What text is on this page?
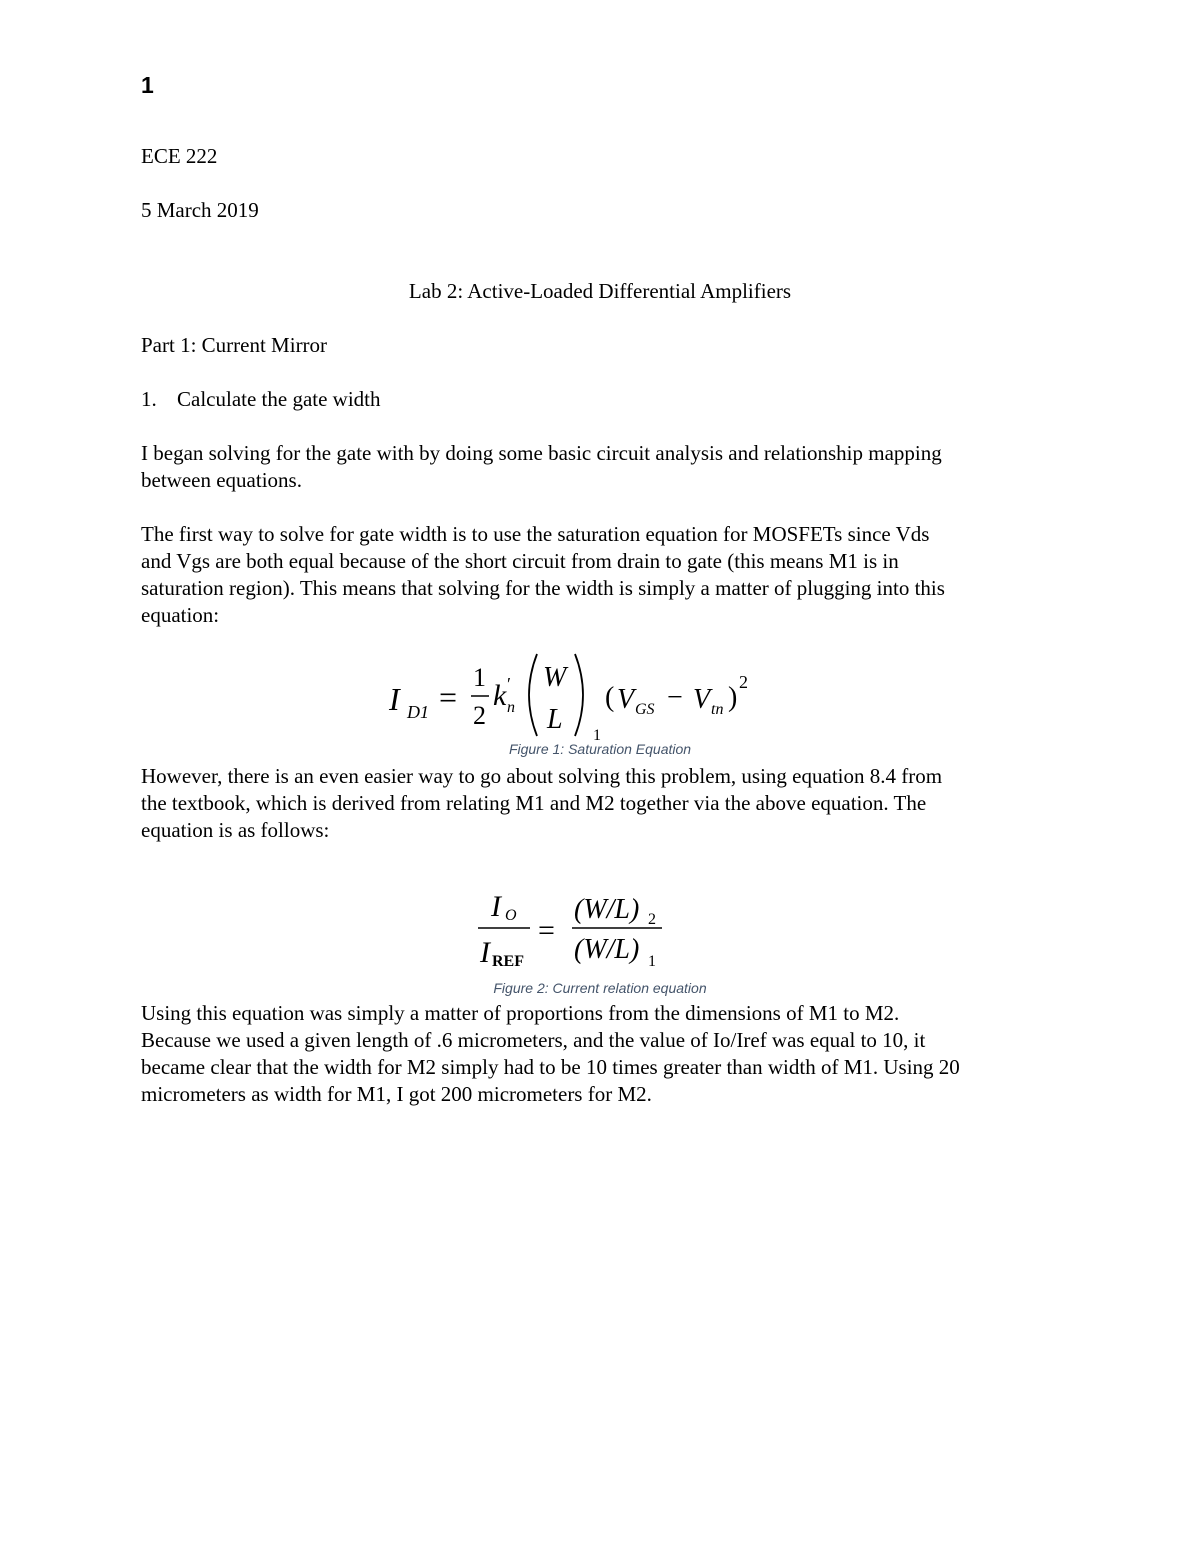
1
ECE 222
5 March 2019
Lab 2: Active-Loaded Differential Amplifiers
Part 1: Current Mirror
1. Calculate the gate width
I began solving for the gate with by doing some basic circuit analysis and relationship mapping
between equations.
The first way to solve for gate width is to use the saturation equation for MOSFETs since Vds
and Vgs are both equal because of the short circuit from drain to gate (this means M1 is in
saturation region). This means that solving for the width is simply a matter of plugging into this
equation:
I D1 =
1
2
k ′
n
W
L
1
( V GS − V tn ) 2
Figure 1: Saturation Equation
However, there is an even easier way to go about solving this problem, using equation 8.4 from
the textbook, which is derived from relating M1 and M2 together via the above equation. The
equation is as follows:
I O
I REF
=
(W/L) 2
(W/L) 1
Figure 2: Current relation equation
Using this equation was simply a matter of proportions from the dimensions of M1 to M2.
Because we used a given length of .6 micrometers, and the value of Io/Iref was equal to 10, it
became clear that the width for M2 simply had to be 10 times greater than width of M1. Using 20
micrometers as width for M1, I got 200 micrometers for M2.
